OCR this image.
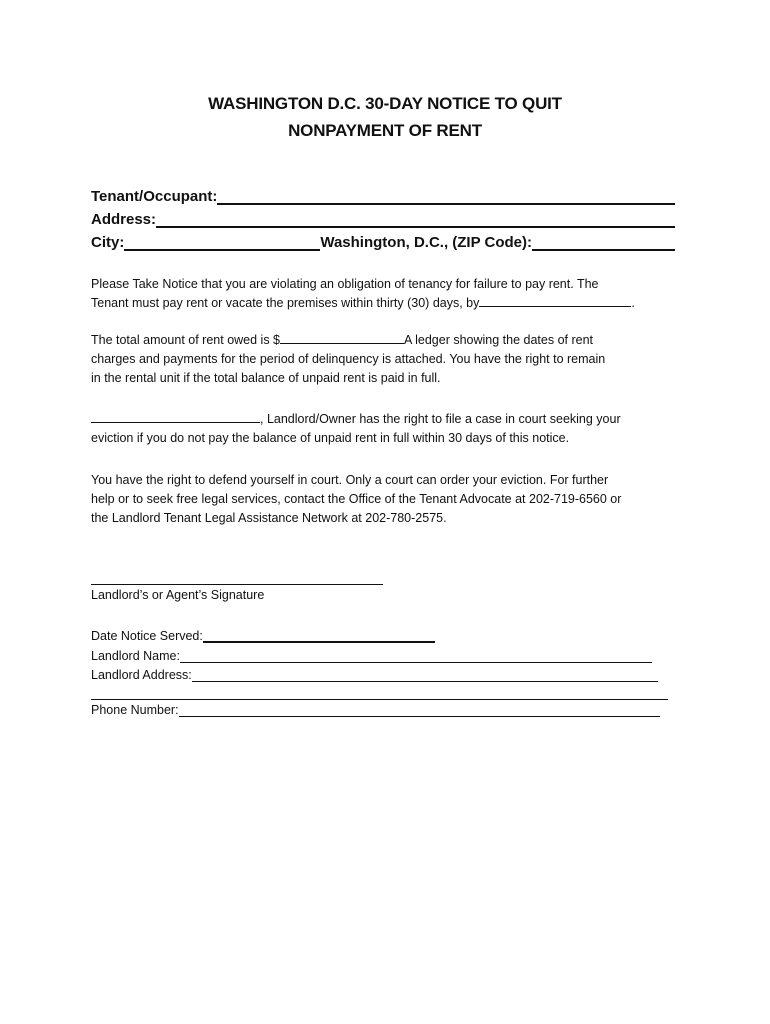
WASHINGTON D.C. 30-DAY NOTICE TO QUIT
NONPAYMENT OF RENT
Tenant/Occupant:
Address:
City:	Washington, D.C., (ZIP Code):

Please Take Notice that you are violating an obligation of tenancy for failure to pay rent. The
Tenant must pay rent or vacate the premises within thirty (30) days, by	.

The total amount of rent owed is $	A ledger showing the dates of rent
charges and payments for the period of delinquency is attached. You have the right to remain
in the rental unit if the total balance of unpaid rent is paid in full.

, Landlord/Owner has the right to file a case in court seeking your
eviction if you do not pay the balance of unpaid rent in full within 30 days of this notice.

You have the right to defend yourself in court. Only a court can order your eviction. For further
help or to seek free legal services, contact the Office of the Tenant Advocate at 202-719-6560 or
the Landlord Tenant Legal Assistance Network at 202-780-2575.

Landlord’s or Agent’s Signature
Date Notice Served:
Landlord Name:
Landlord Address:
Phone Number:
